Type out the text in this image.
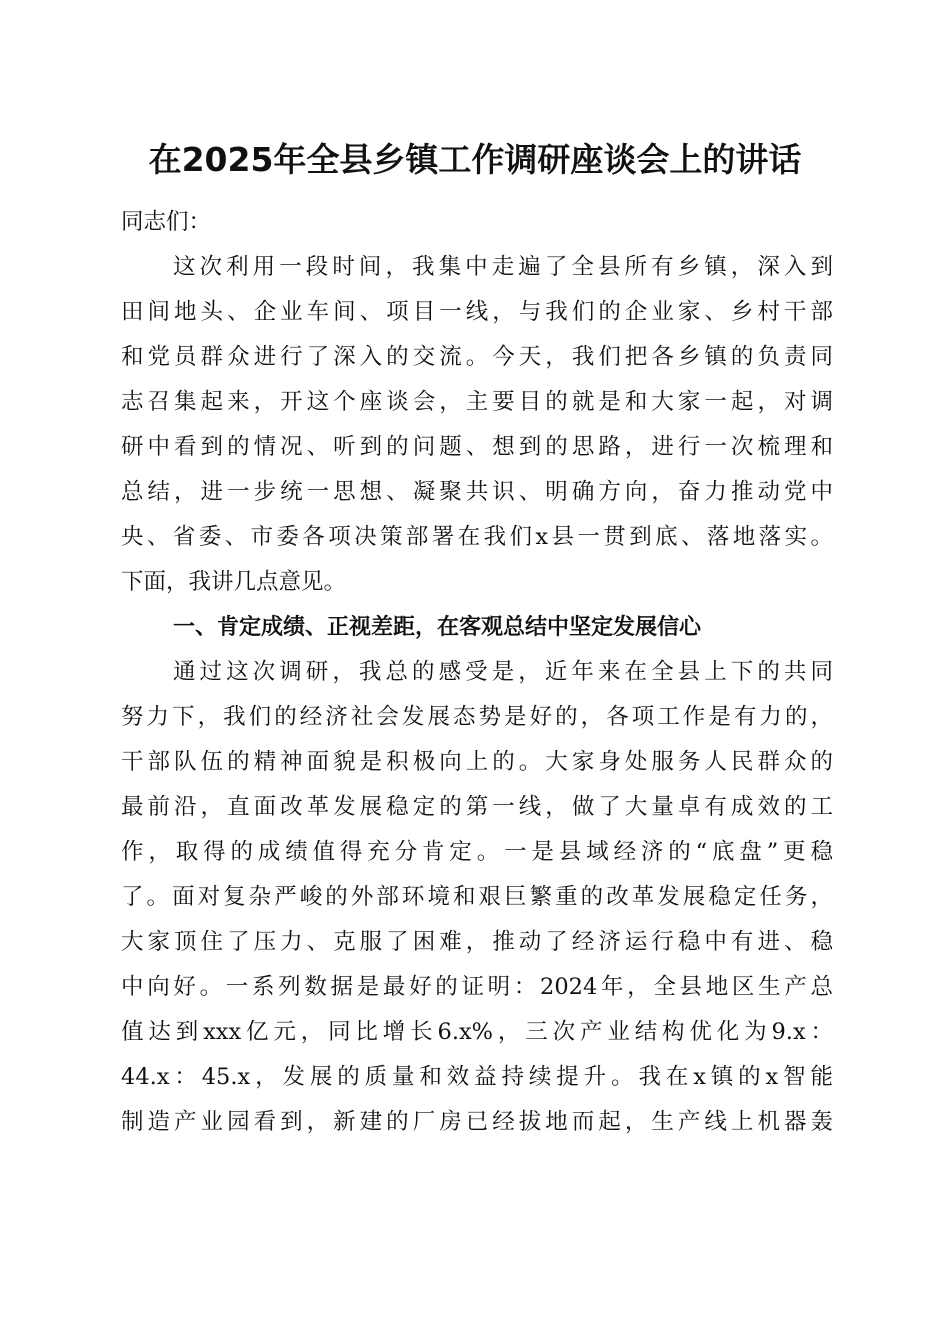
在2025年全县乡镇工作调研座谈会上的讲话
同志们：
这次利用一段时间，我集中走遍了全县所有乡镇，深入到
田间地头、企业车间、项目一线，与我们的企业家、乡村干部
和党员群众进行了深入的交流。今天，我们把各乡镇的负责同
志召集起来，开这个座谈会，主要目的就是和大家一起，对调
研中看到的情况、听到的问题、想到的思路，进行一次梳理和
总结，进一步统一思想、凝聚共识、明确方向，奋力推动党中
央、省委、市委各项决策部署在我们x县一贯到底、落地落实。
下面，我讲几点意见。
一、肯定成绩、正视差距，在客观总结中坚定发展信心
通过这次调研，我总的感受是，近年来在全县上下的共同
努力下，我们的经济社会发展态势是好的，各项工作是有力的，
干部队伍的精神面貌是积极向上的。大家身处服务人民群众的
最前沿，直面改革发展稳定的第一线，做了大量卓有成效的工
作，取得的成绩值得充分肯定。一是县域经济的“底盘”更稳
了。面对复杂严峻的外部环境和艰巨繁重的改革发展稳定任务，
大家顶住了压力、克服了困难，推动了经济运行稳中有进、稳
中向好。一系列数据是最好的证明：2024年，全县地区生产总
值达到xxx亿元，同比增长6.x%，三次产业结构优化为9.x：
44.x：45.x，发展的质量和效益持续提升。我在x镇的x智能
制造产业园看到，新建的厂房已经拔地而起，生产线上机器轰
